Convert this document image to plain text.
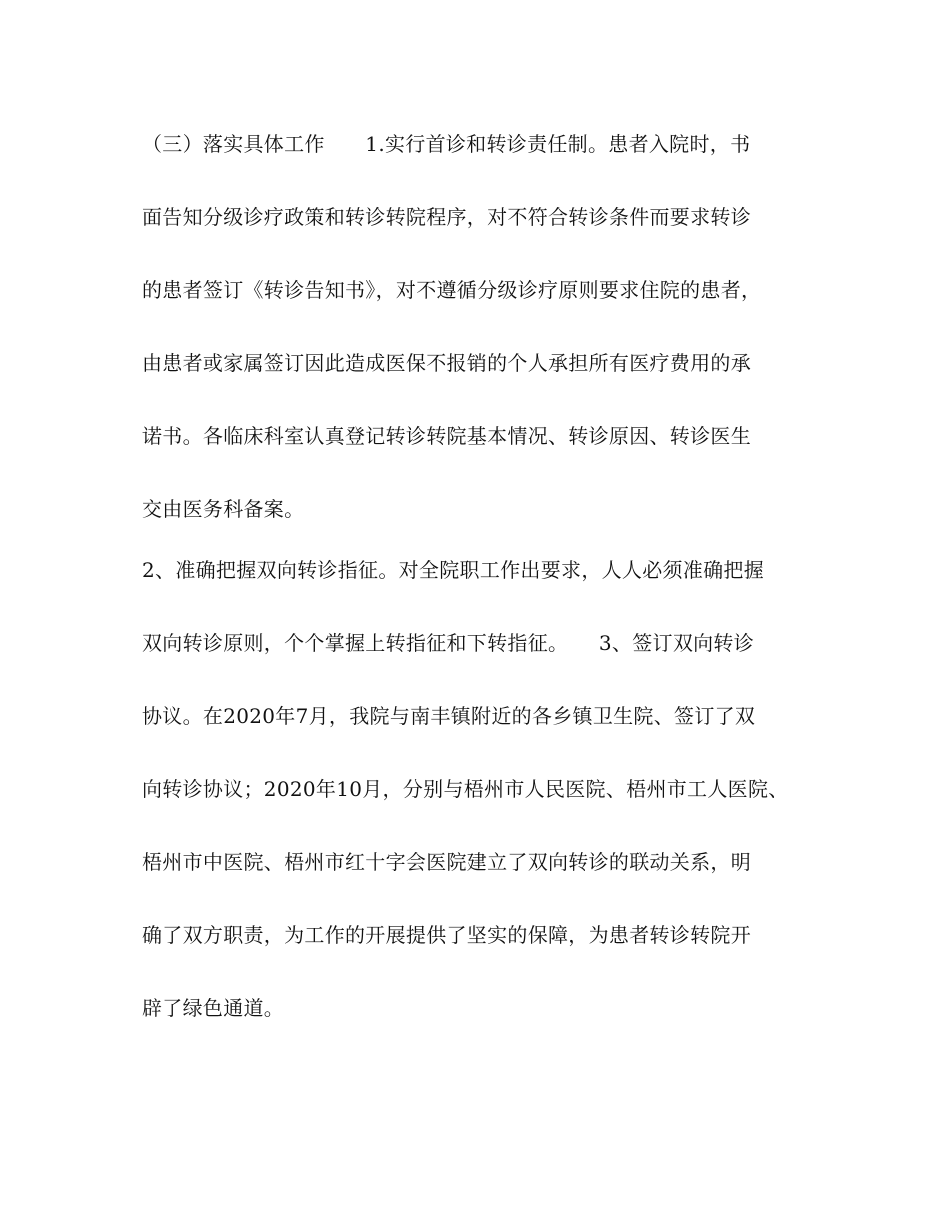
（三）落实具体工作　　1.实行首诊和转诊责任制。患者入院时，书
面告知分级诊疗政策和转诊转院程序，对不符合转诊条件而要求转诊
的患者签订《转诊告知书》，对不遵循分级诊疗原则要求住院的患者，
由患者或家属签订因此造成医保不报销的个人承担所有医疗费用的承
诺书。各临床科室认真登记转诊转院基本情况、转诊原因、转诊医生
交由医务科备案。
2、准确把握双向转诊指征。对全院职工作出要求，人人必须准确把握
双向转诊原则，个个掌握上转指征和下转指征。　　3、签订双向转诊
协议。在2020年7月，我院与南丰镇附近的各乡镇卫生院、签订了双
向转诊协议；2020年10月，分别与梧州市人民医院、梧州市工人医院、
梧州市中医院、梧州市红十字会医院建立了双向转诊的联动关系，明
确了双方职责，为工作的开展提供了坚实的保障，为患者转诊转院开
辟了绿色通道。
